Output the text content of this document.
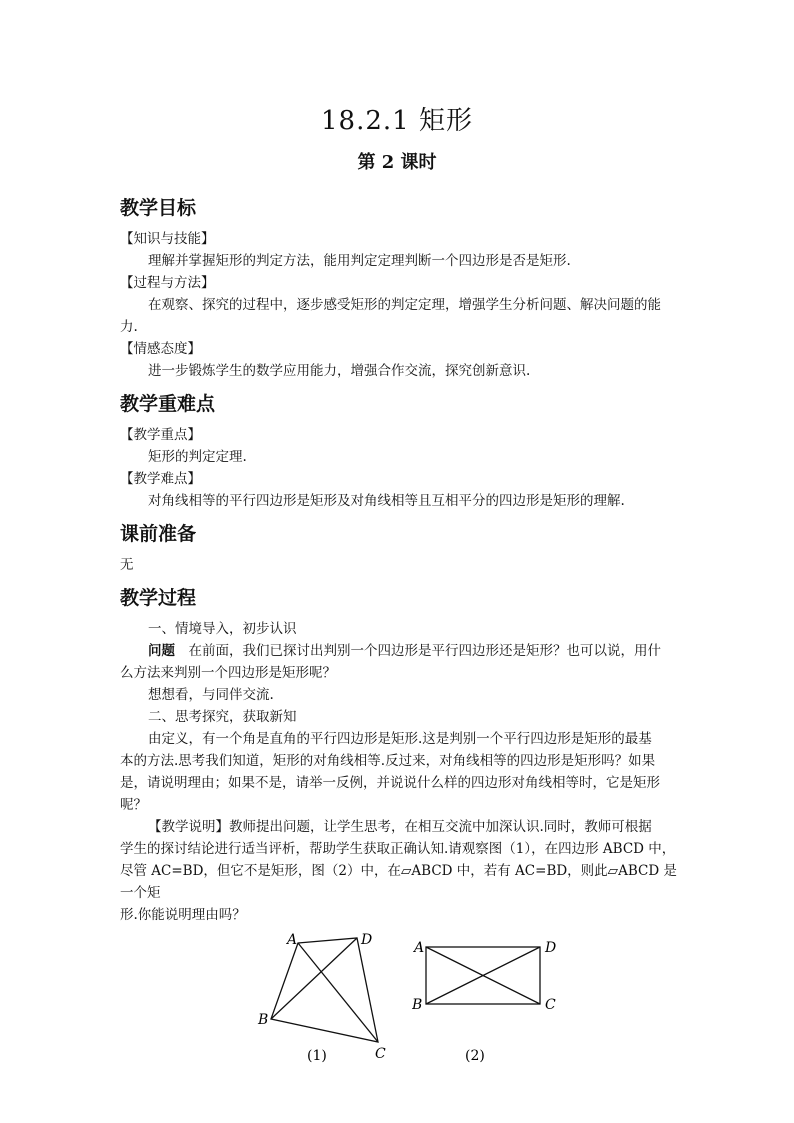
18.2.1 矩形
第 2 课时
教学目标

【知识与技能】

理解并掌握矩形的判定方法，能用判定定理判断一个四边形是否是矩形.

【过程与方法】

在观察、探究的过程中，逐步感受矩形的判定定理，增强学生分析问题、解决问题的能

力.

【情感态度】

进一步锻炼学生的数学应用能力，增强合作交流，探究创新意识.

教学重难点

【教学重点】

矩形的判定定理.

【教学难点】

对角线相等的平行四边形是矩形及对角线相等且互相平分的四边形是矩形的理解.

课前准备

无

教学过程

一、情境导入，初步认识

问题　在前面，我们已探讨出判别一个四边形是平行四边形还是矩形？也可以说，用什

么方法来判别一个四边形是矩形呢？

想想看，与同伴交流.

二、思考探究，获取新知

由定义，有一个角是直角的平行四边形是矩形.这是判别一个平行四边形是矩形的最基

本的方法.思考我们知道，矩形的对角线相等.反过来，对角线相等的四边形是矩形吗？如果

是，请说明理由；如果不是，请举一反例，并说说什么样的四边形对角线相等时，它是矩形

呢？

【教学说明】教师提出问题，让学生思考，在相互交流中加深认识.同时，教师可根据

学生的探讨结论进行适当评析，帮助学生获取正确认知.请观察图（1），在四边形 ABCD 中，

尽管 AC=BD，但它不是矩形，图（2）中，在▱ABCD 中，若有 AC=BD，则此▱ABCD 是一个矩

形.你能说明理由吗？

A	D
B
C
(1)
A	D
B	C
(2)
